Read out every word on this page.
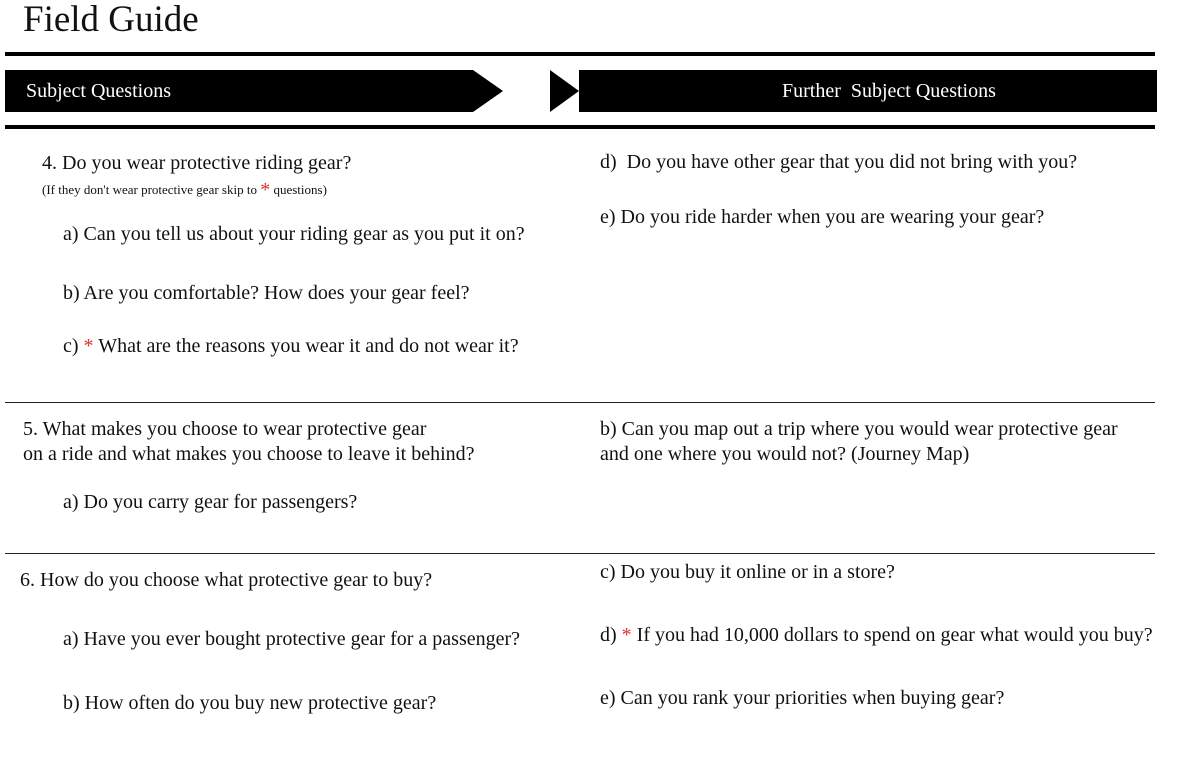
Field Guide
Subject Questions	Further  Subject Questions
4. Do you wear protective riding gear?
(If they don't wear protective gear skip to * questions)
a) Can you tell us about your riding gear as you put it on?
b) Are you comfortable? How does your gear feel?
c) * What are the reasons you wear it and do not wear it?
d)  Do you have other gear that you did not bring with you?
e) Do you ride harder when you are wearing your gear?
5. What makes you choose to wear protective gear
on a ride and what makes you choose to leave it behind?
a) Do you carry gear for passengers?
b) Can you map out a trip where you would wear protective gear
and one where you would not? (Journey Map)
6. How do you choose what protective gear to buy?
a) Have you ever bought protective gear for a passenger?
b) How often do you buy new protective gear?
c) Do you buy it online or in a store?
d) * If you had 10,000 dollars to spend on gear what would you buy?
e) Can you rank your priorities when buying gear?
